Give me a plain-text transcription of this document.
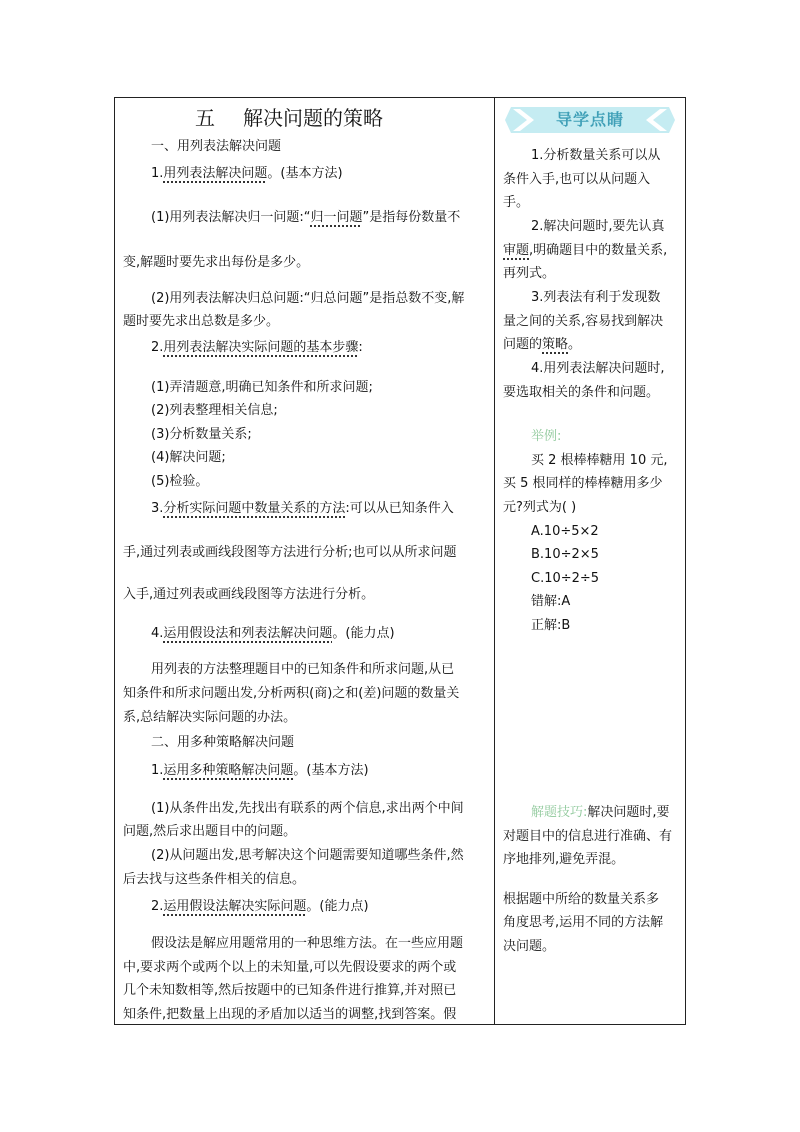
五 解决问题的策略
一、用列表法解决问题
1.用列表法解决问题。(基本方法)
(1)用列表法解决归一问题:“归一问题”是指每份数量不
变,解题时要先求出每份是多少。
(2)用列表法解决归总问题:“归总问题”是指总数不变,解
题时要先求出总数是多少。
2.用列表法解决实际问题的基本步骤:
(1)弄清题意,明确已知条件和所求问题;
(2)列表整理相关信息;
(3)分析数量关系;
(4)解决问题;
(5)检验。
3.分析实际问题中数量关系的方法:可以从已知条件入
手,通过列表或画线段图等方法进行分析;也可以从所求问题
入手,通过列表或画线段图等方法进行分析。
4.运用假设法和列表法解决问题。(能力点)
用列表的方法整理题目中的已知条件和所求问题,从已
知条件和所求问题出发,分析两积(商)之和(差)问题的数量关
系,总结解决实际问题的办法。
二、用多种策略解决问题
1.运用多种策略解决问题。(基本方法)
(1)从条件出发,先找出有联系的两个信息,求出两个中间
问题,然后求出题目中的问题。
(2)从问题出发,思考解决这个问题需要知道哪些条件,然
后去找与这些条件相关的信息。
2.运用假设法解决实际问题。(能力点)
假设法是解应用题常用的一种思维方法。在一些应用题
中,要求两个或两个以上的未知量,可以先假设要求的两个或
几个未知数相等,然后按题中的已知条件进行推算,并对照已
知条件,把数量上出现的矛盾加以适当的调整,找到答案。假
导学点睛
1.分析数量关系可以从
条件入手,也可以从问题入
手。
2.解决问题时,要先认真
审题,明确题目中的数量关系,
再列式。
3.列表法有利于发现数
量之间的关系,容易找到解决
问题的策略。
4.用列表法解决问题时,
要选取相关的条件和问题。
举例:
买 2 根棒棒糖用 10 元,
买 5 根同样的棒棒糖用多少
元?列式为( )
A.10÷5×2
B.10÷2×5
C.10÷2÷5
错解:A
正解:B
解题技巧:解决问题时,要
对题目中的信息进行准确、有
序地排列,避免弄混。
根据题中所给的数量关系多
角度思考,运用不同的方法解
决问题。
